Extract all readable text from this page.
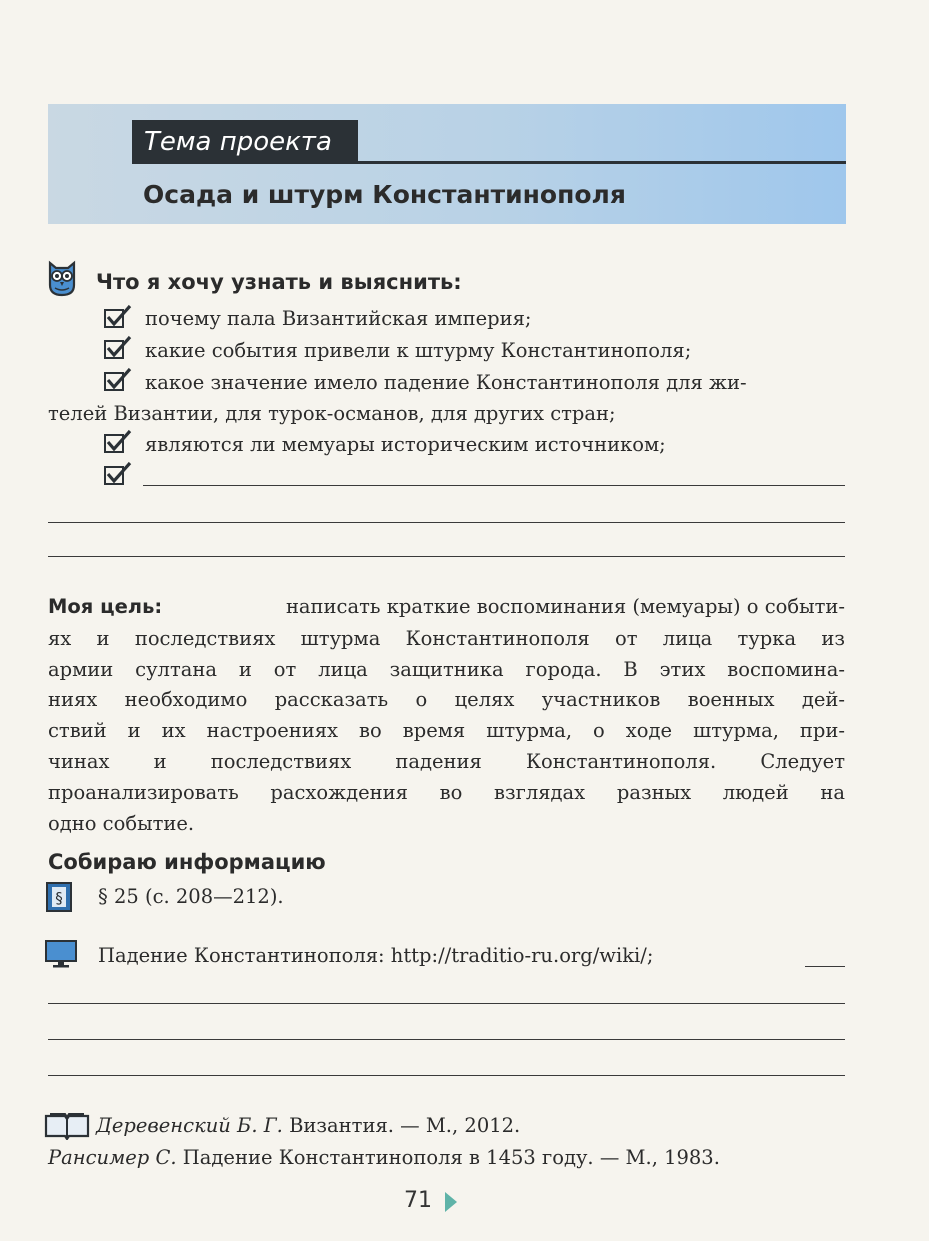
Тема проекта
Осада и штурм Константинополя
Что я хочу узнать и выяснить:
почему пала Византийская империя;
какие события привели к штурму Константинополя;
какое значение имело падение Константинополя для жи-
телей Византии, для турок-османов, для других стран;
являются ли мемуары историческим источником;
Моя цель:	написать краткие воспоминания (мемуары) о событи-
ях и последствиях штурма Константинополя от лица турка из
армии султана и от лица защитника города. В этих воспомина-
ниях необходимо рассказать о целях участников военных дей-
ствий и их настроениях во время штурма, о ходе штурма, при-
чинах и последствиях падения Константинополя. Следует
проанализировать расхождения во взглядах разных людей на
одно событие.
Собираю информацию
§ § 25 (с. 208—212).
Падение Константинополя: http://traditio-ru.org/wiki/;
Деревенский Б. Г. Византия. — М., 2012.
Рансимер С. Падение Константинополя в 1453 году. — М., 1983.
71
